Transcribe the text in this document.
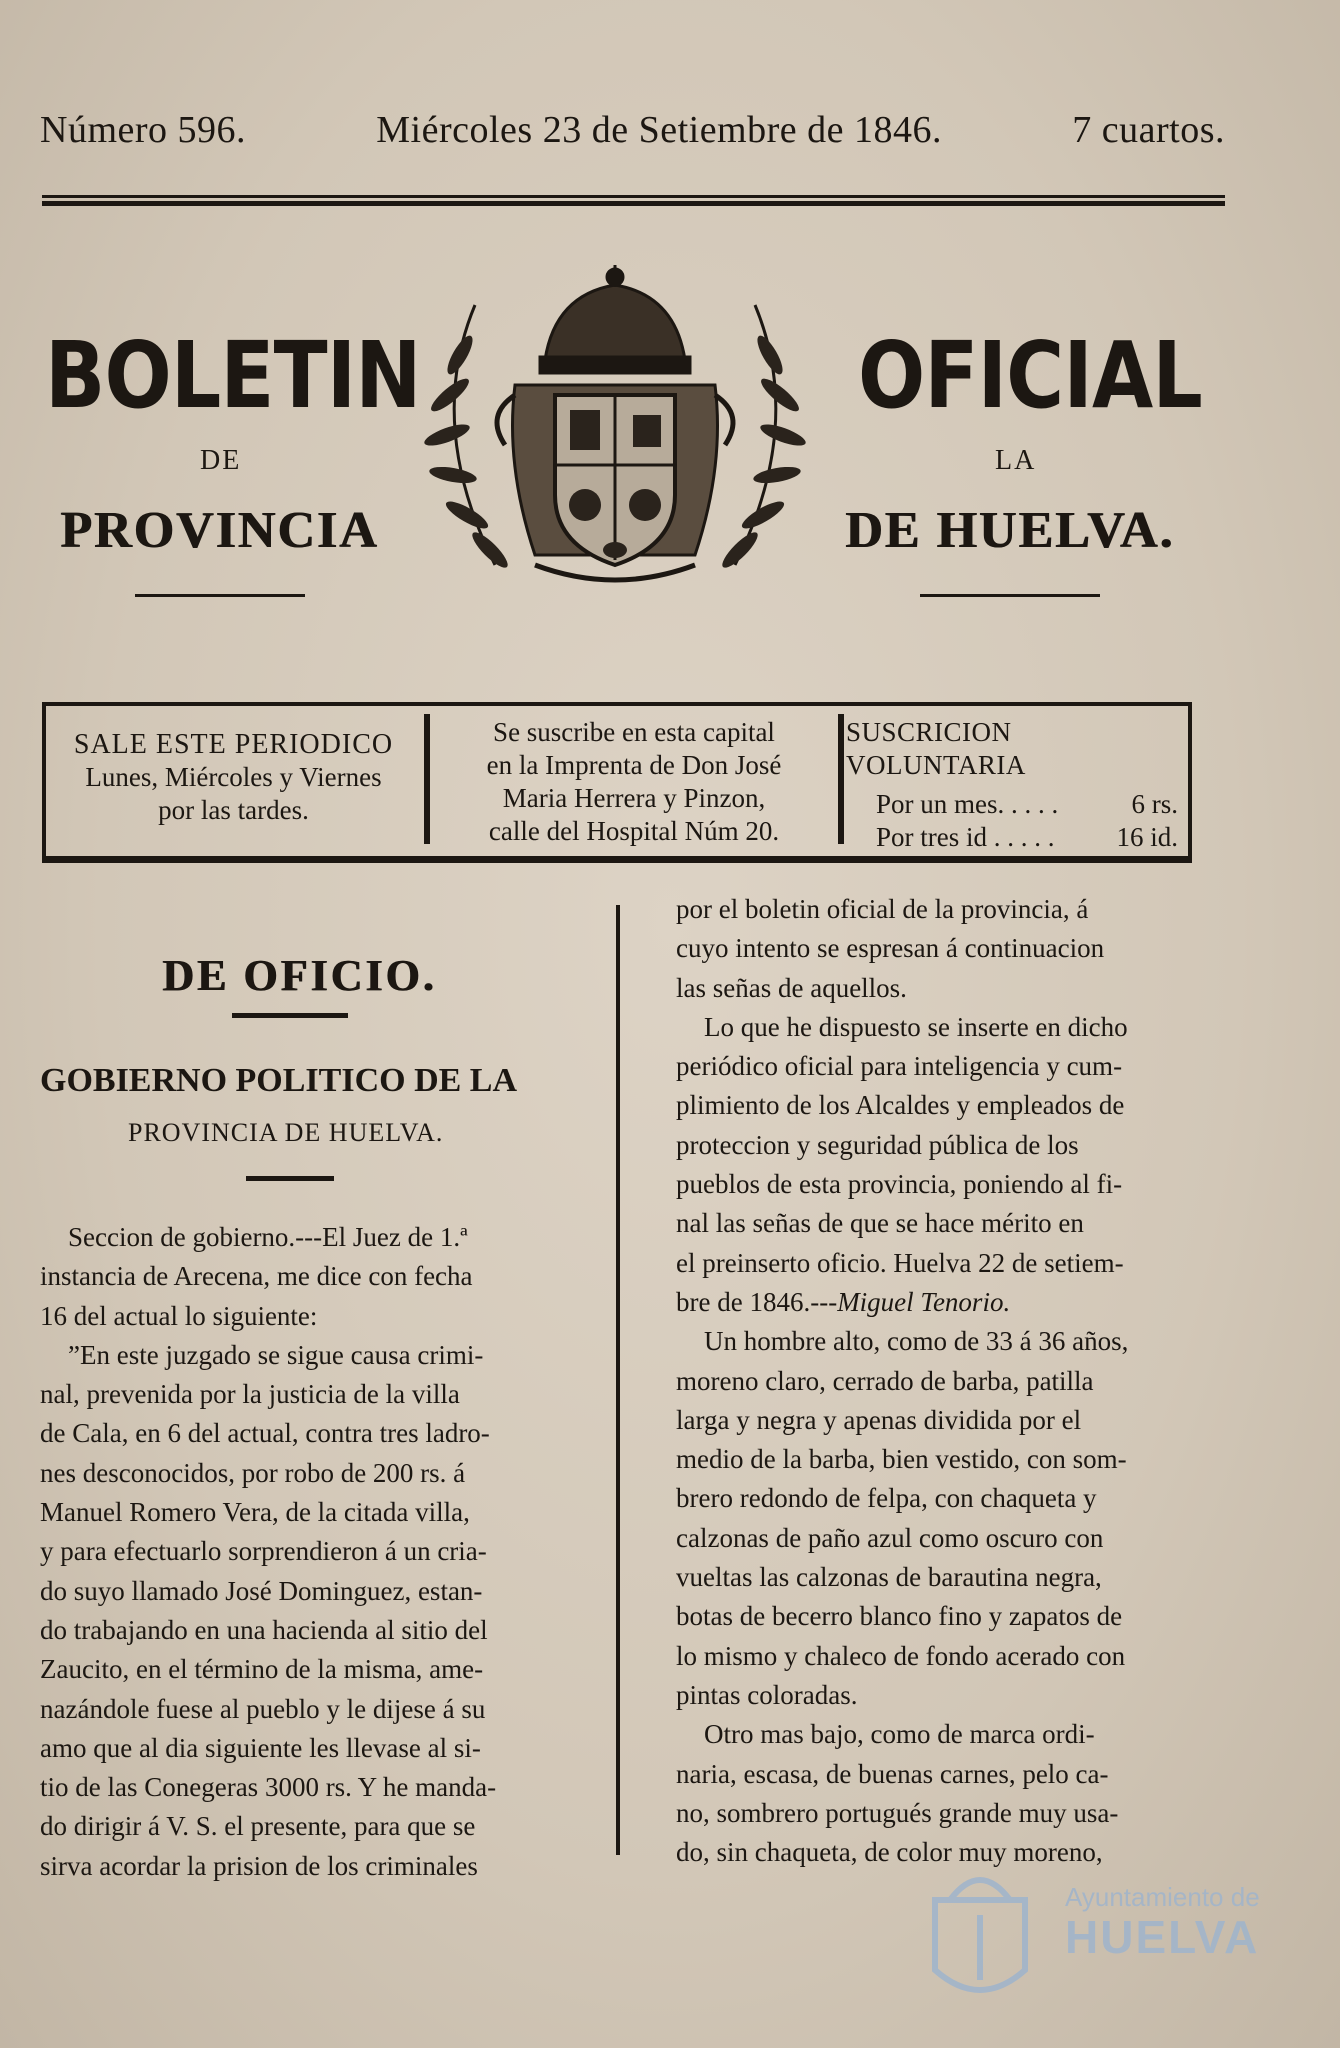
Número 596.	Miércoles 23 de Setiembre de 1846.	7 cuartos.
BOLETIN
DE
PROVINCIA
OFICIAL
LA
DE HUELVA.
SALE ESTE PERIODICO
Lunes, Miércoles y Viernes
por las tardes.
Se suscribe en esta capital
en la Imprenta de Don José
Maria Herrera y Pinzon,
calle del Hospital Núm 20.
SUSCRICION VOLUNTARIA
Por un mes. . . . .	6 rs.
Por tres id . . . . . 16 id.
DE OFICIO.
GOBIERNO POLITICO DE LA
PROVINCIA DE HUELVA.
Seccion de gobierno.---El Juez de 1.ª
instancia de Arecena, me dice con fecha
16 del actual lo siguiente:
”En este juzgado se sigue causa crimi-
nal, prevenida por la justicia de la villa
de Cala, en 6 del actual, contra tres ladro-
nes desconocidos, por robo de 200 rs. á
Manuel Romero Vera, de la citada villa,
y para efectuarlo sorprendieron á un cria-
do suyo llamado José Dominguez, estan-
do trabajando en una hacienda al sitio del
Zaucito, en el término de la misma, ame-
nazándole fuese al pueblo y le dijese á su
amo que al dia siguiente les llevase al si-
tio de las Conegeras 3000 rs. Y he manda-
do dirigir á V. S. el presente, para que se
sirva acordar la prision de los criminales
por el boletin oficial de la provincia, á
cuyo intento se espresan á continuacion
las señas de aquellos.
Lo que he dispuesto se inserte en dicho
periódico oficial para inteligencia y cum-
plimiento de los Alcaldes y empleados de
proteccion y seguridad pública de los
pueblos de esta provincia, poniendo al fi-
nal las señas de que se hace mérito en
el preinserto oficio. Huelva 22 de setiem-
bre de 1846.---Miguel Tenorio.
Un hombre alto, como de 33 á 36 años,
moreno claro, cerrado de barba, patilla
larga y negra y apenas dividida por el
medio de la barba, bien vestido, con som-
brero redondo de felpa, con chaqueta y
calzonas de paño azul como oscuro con
vueltas las calzonas de barautina negra,
botas de becerro blanco fino y zapatos de
lo mismo y chaleco de fondo acerado con
pintas coloradas.
Otro mas bajo, como de marca ordi-
naria, escasa, de buenas carnes, pelo ca-
no, sombrero portugués grande muy usa-
do, sin chaqueta, de color muy moreno,
Ayuntamiento de
HUELVA
